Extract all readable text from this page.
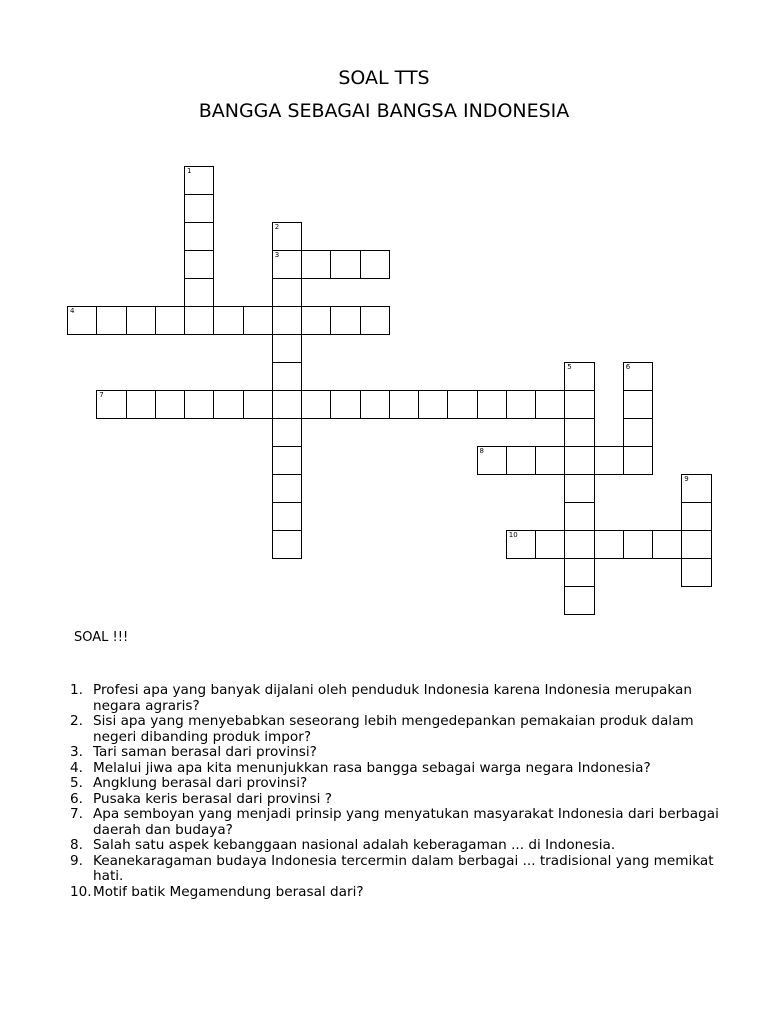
SOAL TTS
BANGGA SEBAGAI BANGSA INDONESIA
1
2
3
4
7
5	6
8
9
10
SOAL !!!
1. Profesi apa yang banyak dijalani oleh penduduk Indonesia karena Indonesia merupakan negara agraris?
2. Sisi apa yang menyebabkan seseorang lebih mengedepankan pemakaian produk dalam negeri dibanding produk impor?
3. Tari saman berasal dari provinsi?
4. Melalui jiwa apa kita menunjukkan rasa bangga sebagai warga negara Indonesia?
5. Angklung berasal dari provinsi?
6. Pusaka keris berasal dari provinsi ?
7. Apa semboyan yang menjadi prinsip yang menyatukan masyarakat Indonesia dari berbagai daerah dan budaya?
8. Salah satu aspek kebanggaan nasional adalah keberagaman ... di Indonesia.
9. Keanekaragaman budaya Indonesia tercermin dalam berbagai ... tradisional yang memikat hati.
10. Motif batik Megamendung berasal dari?
